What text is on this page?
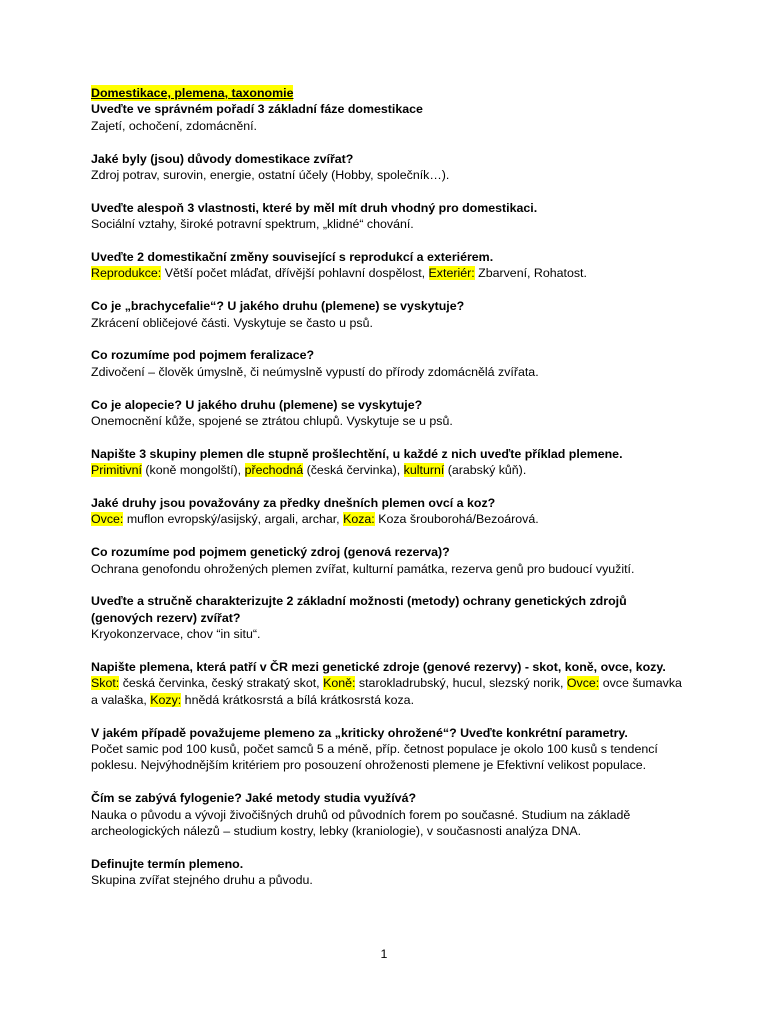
Domestikace, plemena, taxonomie
Uveďte ve správném pořadí 3 základní fáze domestikace
Zajetí, ochočení, zdomácnění.
Jaké byly (jsou) důvody domestikace zvířat?
Zdroj potrav, surovin, energie, ostatní účely (Hobby, společník…).
Uveďte alespoň 3 vlastnosti, které by měl mít druh vhodný pro domestikaci.
Sociální vztahy, široké potravní spektrum, „klidné“ chování.
Uveďte 2 domestikační změny související s reprodukcí a exteriérem.
Reprodukce: Větší počet mláďat, dřívější pohlavní dospělost, Exteriér: Zbarvení, Rohatost.
Co je „brachycefalie“? U jakého druhu (plemene) se vyskytuje?
Zkrácení obličejové části. Vyskytuje se často u psů.
Co rozumíme pod pojmem feralizace?
Zdivočení – člověk úmyslně, či neúmyslně vypustí do přírody zdomácnělá zvířata.
Co je alopecie? U jakého druhu (plemene) se vyskytuje?
Onemocnění kůže, spojené se ztrátou chlupů. Vyskytuje se u psů.
Napište 3 skupiny plemen dle stupně prošlechtění, u každé z nich uveďte příklad plemene.
Primitivní (koně mongolští), přechodná (česká červinka), kulturní (arabský kůň).
Jaké druhy jsou považovány za předky dnešních plemen ovcí a koz?
Ovce: muflon evropský/asijský, argali, archar, Koza: Koza šrouborohá/Bezoárová.
Co rozumíme pod pojmem genetický zdroj (genová rezerva)?
Ochrana genofondu ohrožených plemen zvířat, kulturní památka, rezerva genů pro budoucí využití.
Uveďte a stručně charakterizujte 2 základní možnosti (metody) ochrany genetických zdrojů (genových rezerv) zvířat?
Kryokonzervace, chov “in situ“.
Napište plemena, která patří v ČR mezi genetické zdroje (genové rezervy) - skot, koně, ovce, kozy.
Skot: česká červinka, český strakatý skot, Koně: starokladrubský, hucul, slezský norik, Ovce: ovce šumavka a valaška, Kozy: hnědá krátkosrstá a bílá krátkosrstá koza.
V jakém případě považujeme plemeno za „kriticky ohrožené“? Uveďte konkrétní parametry.
Počet samic pod 100 kusů, počet samců 5 a méně, příp. četnost populace je okolo 100 kusů s tendencí poklesu. Nejvýhodnějším kritériem pro posouzení ohroženosti plemene je Efektivní velikost populace.
Čím se zabývá fylogenie? Jaké metody studia využívá?
Nauka o původu a vývoji živočišných druhů od původních forem po současné. Studium na základě archeologických nálezů – studium kostry, lebky (kraniologie), v současnosti analýza DNA.
Definujte termín plemeno.
Skupina zvířat stejného druhu a původu.
1
